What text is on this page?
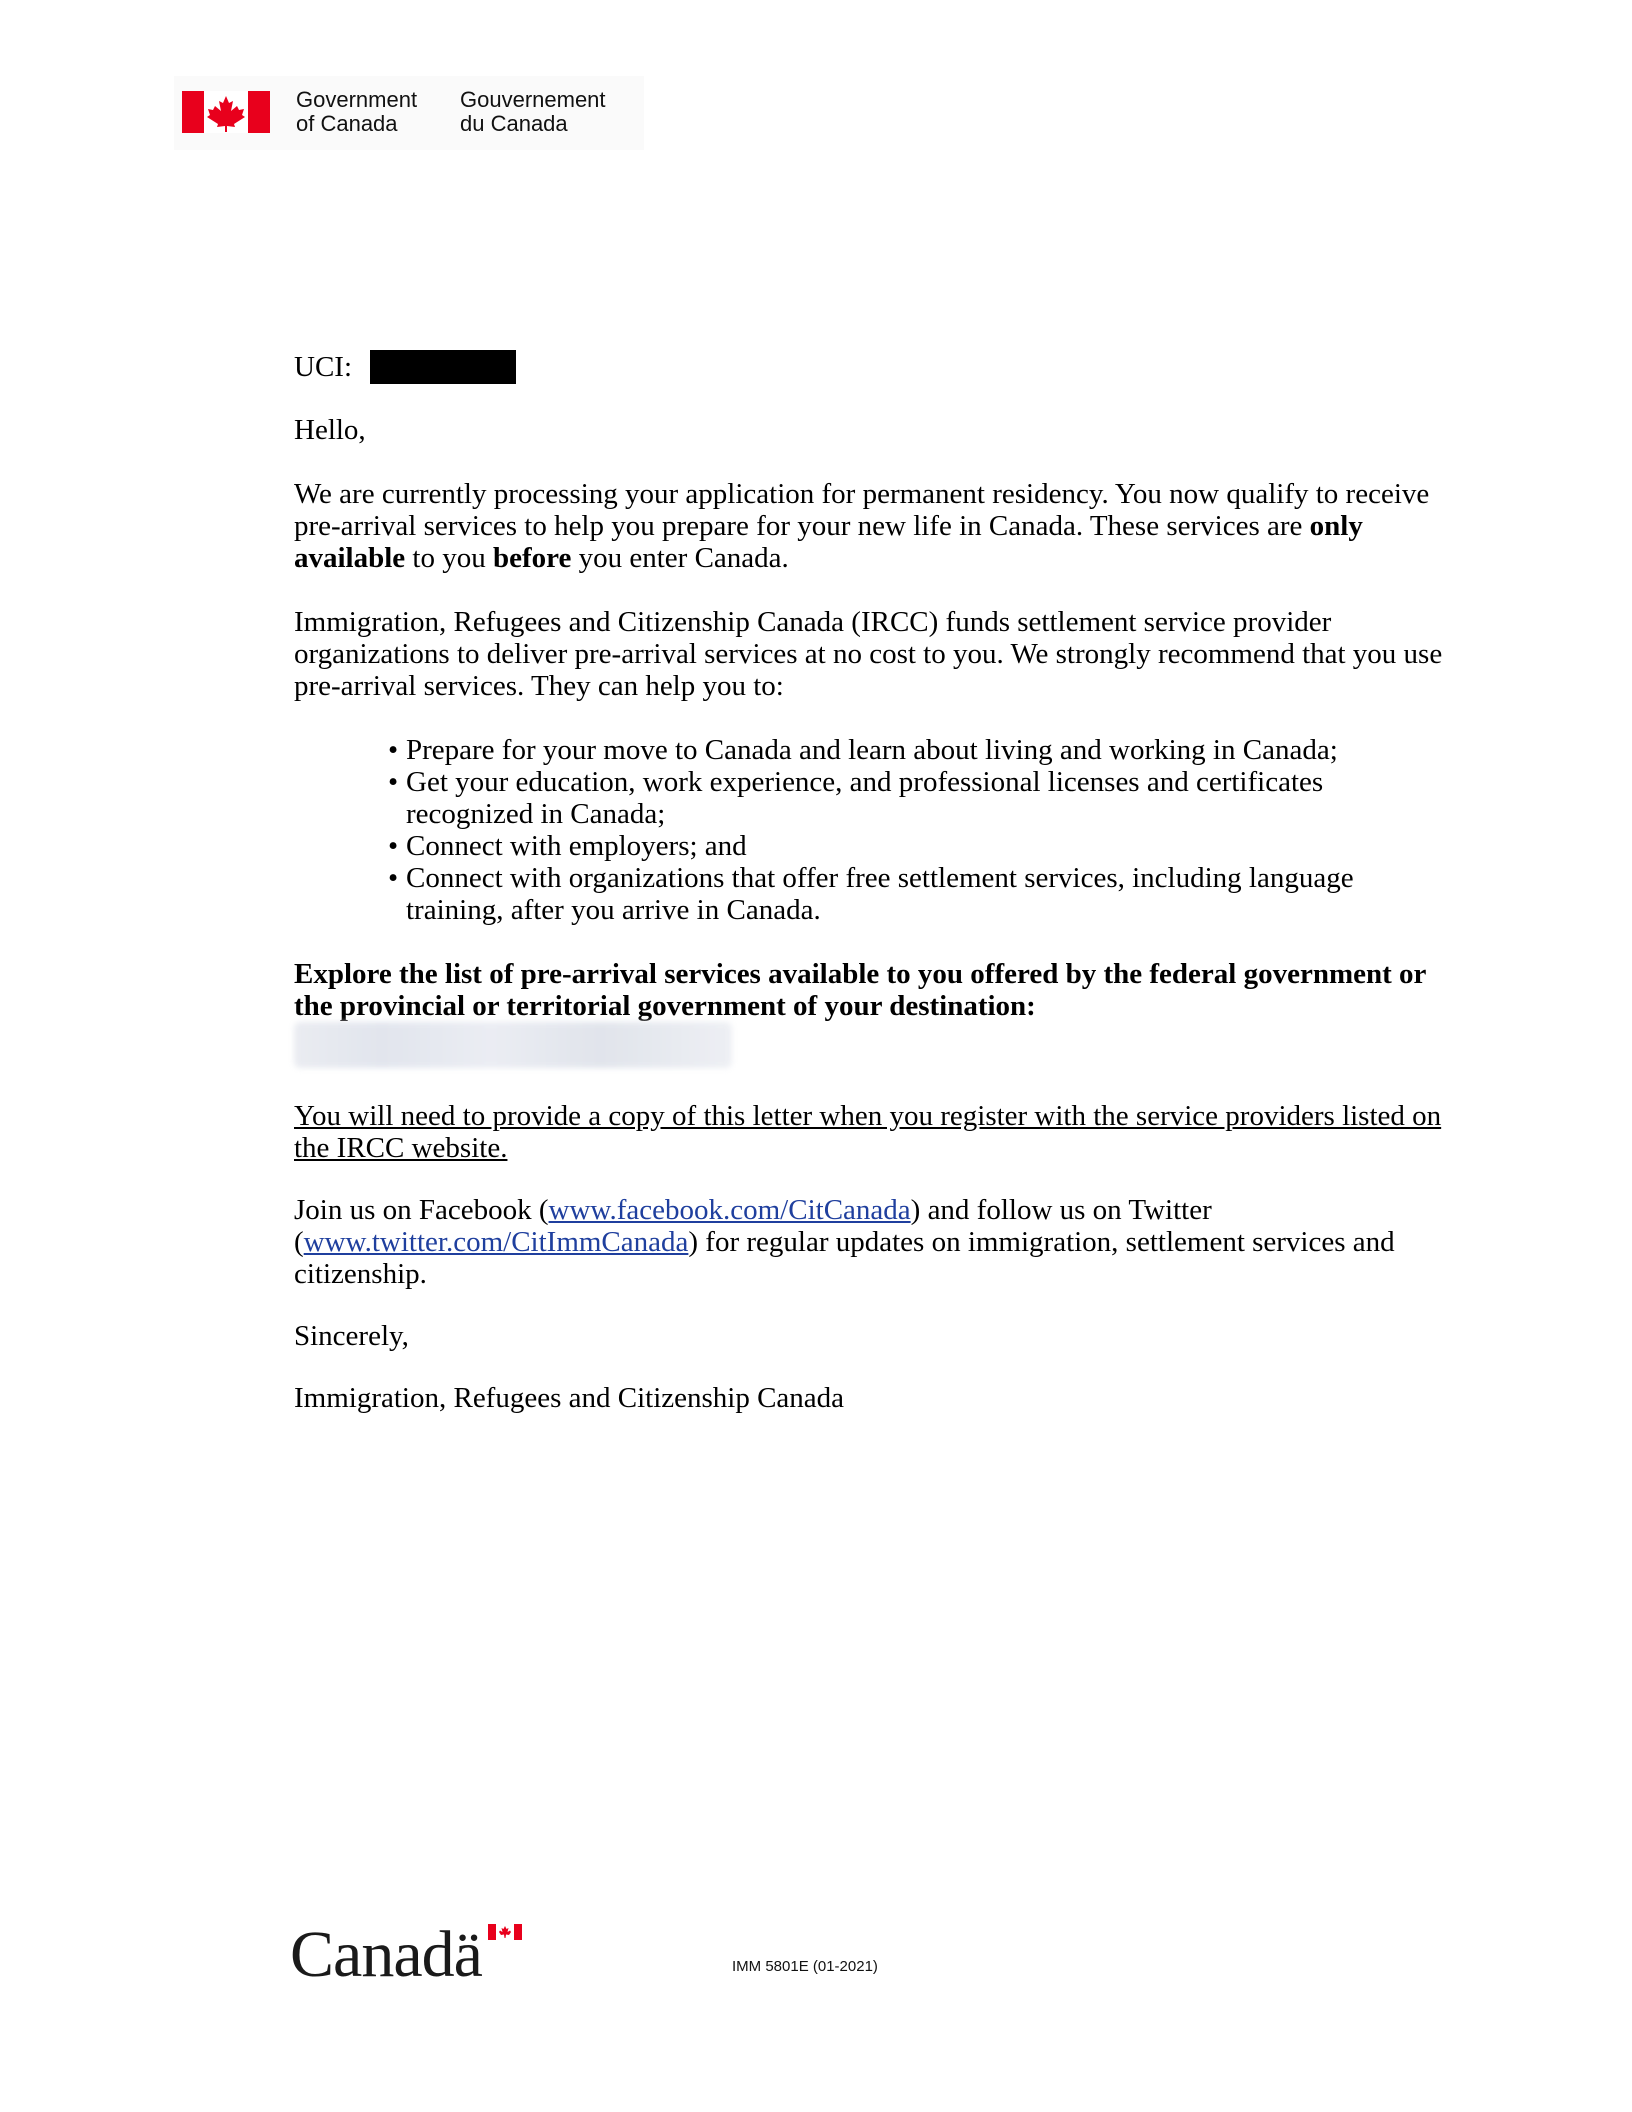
Government
of Canada
Gouvernement
du Canada

UCI:

Hello,

We are currently processing your application for permanent residency. You now qualify to receive pre-arrival services to help you prepare for your new life in Canada. These services are only available to you before you enter Canada.

Immigration, Refugees and Citizenship Canada (IRCC) funds settlement service provider organizations to deliver pre-arrival services at no cost to you. We strongly recommend that you use pre-arrival services. They can help you to:

• Prepare for your move to Canada and learn about living and working in Canada;
• Get your education, work experience, and professional licenses and certificates recognized in Canada;
• Connect with employers; and
• Connect with organizations that offer free settlement services, including language training, after you arrive in Canada.

Explore the list of pre-arrival services available to you offered by the federal government or the provincial or territorial government of your destination:

You will need to provide a copy of this letter when you register with the service providers listed on the IRCC website.

Join us on Facebook (www.facebook.com/CitCanada) and follow us on Twitter (www.twitter.com/CitImmCanada) for regular updates on immigration, settlement services and citizenship.

Sincerely,

Immigration, Refugees and Citizenship Canada

Canadä	IMM 5801E (01-2021)
